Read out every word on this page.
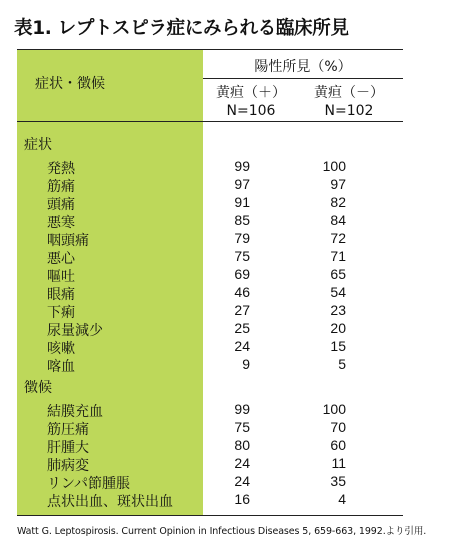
表1. レプトスピラ症にみられる臨床所見
症状・徴候
陽性所見（%）
黄疸（＋）
N=106
黄疸（－）
N=102
症状
発熱	99	100
筋痛	97	97
頭痛	91	82
悪寒	85	84
咽頭痛	79	72
悪心	75	71
嘔吐	69	65
眼痛	46	54
下痢	27	23
尿量減少	25	20
咳嗽	24	15
喀血	9	5
徴候
結膜充血	99	100
筋圧痛	75	70
肝腫大	80	60
肺病変	24	11
リンパ節腫脹	24	35
点状出血、斑状出血	16	4
Watt G. Leptospirosis. Current Opinion in Infectious Diseases 5, 659-663, 1992.より引用.
